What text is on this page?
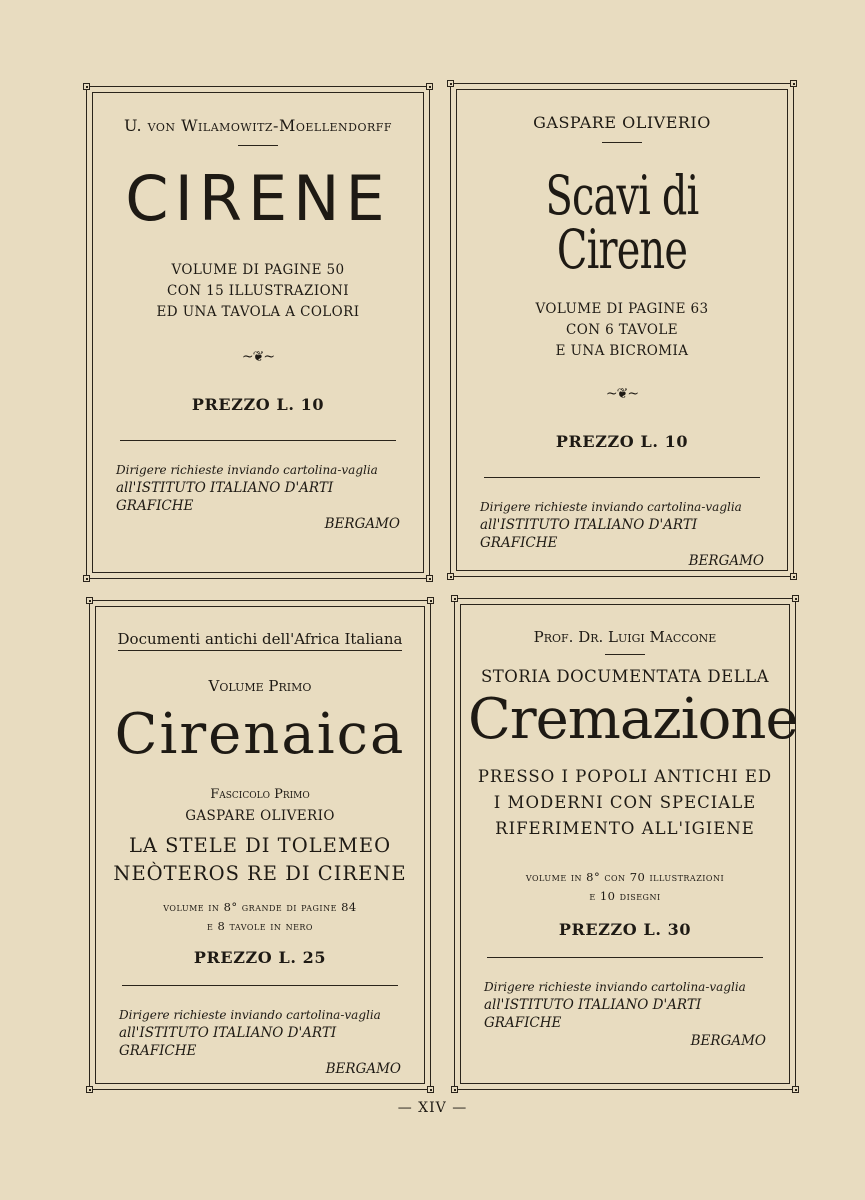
U. von Wilamowitz-Moellendorff
CIRENE
VOLUME DI PAGINE 50
CON 15 ILLUSTRAZIONI
ED UNA TAVOLA A COLORI
~❦~
PREZZO L. 10
Dirigere richieste inviando cartolina-vaglia
all'ISTITUTO ITALIANO D'ARTI GRAFICHE
BERGAMO
GASPARE OLIVERIO
Scavi di Cirene
VOLUME DI PAGINE 63
CON 6 TAVOLE
E UNA BICROMIA
~❦~
PREZZO L. 10
Dirigere richieste inviando cartolina-vaglia
all'ISTITUTO ITALIANO D'ARTI GRAFICHE
BERGAMO
Documenti antichi dell'Africa Italiana
Volume Primo
Cirenaica
Fascicolo Primo
GASPARE OLIVERIO
LA STELE DI TOLEMEO
NEÒTEROS RE DI CIRENE
volume in 8° grande di pagine 84
e 8 tavole in nero
PREZZO L. 25
Dirigere richieste inviando cartolina-vaglia
all'ISTITUTO ITALIANO D'ARTI GRAFICHE
BERGAMO
Prof. Dr. Luigi Maccone
STORIA DOCUMENTATA DELLA
Cremazione
PRESSO I POPOLI ANTICHI ED
I MODERNI CON SPECIALE
RIFERIMENTO ALL'IGIENE
volume in 8° con 70 illustrazioni
e 10 disegni
PREZZO L. 30
Dirigere richieste inviando cartolina-vaglia
all'ISTITUTO ITALIANO D'ARTI GRAFICHE
BERGAMO
— XIV —
